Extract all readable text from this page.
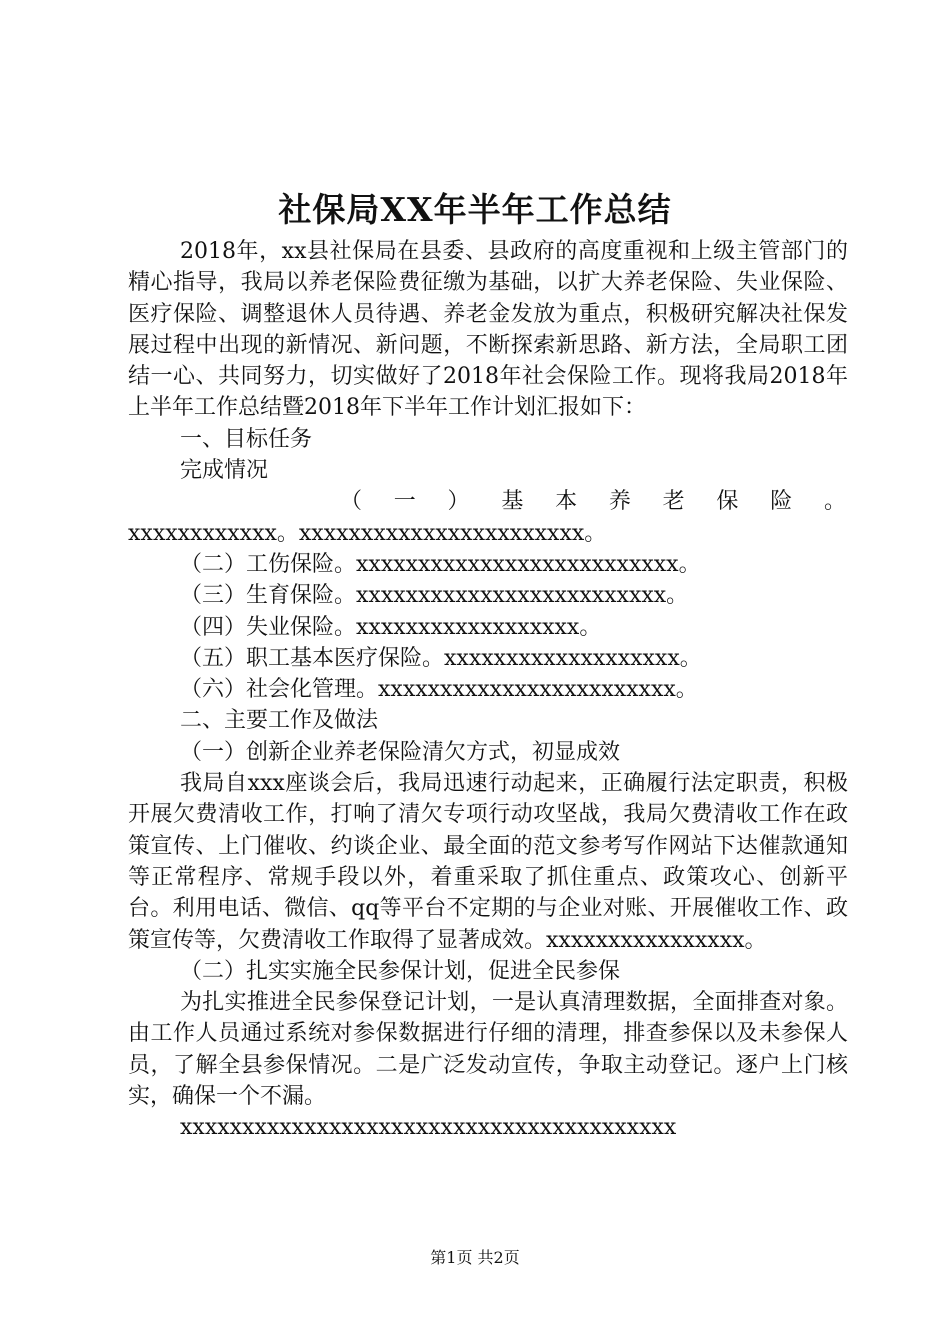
社保局XX年半年工作总结

2018年，xx县社保局在县委、县政府的高度重视和上级主管部门的精心指导，我局以养老保险费征缴为基础，以扩大养老保险、失业保险、医疗保险、调整退休人员待遇、养老金发放为重点，积极研究解决社保发展过程中出现的新情况、新问题，不断探索新思路、新方法，全局职工团结一心、共同努力，切实做好了2018年社会保险工作。现将我局2018年上半年工作总结暨2018年下半年工作计划汇报如下：

一、目标任务

完成情况

（一）基本养老保险。

xxxxxxxxxxxx。xxxxxxxxxxxxxxxxxxxxxxx。

（二）工伤保险。xxxxxxxxxxxxxxxxxxxxxxxxxx。

（三）生育保险。xxxxxxxxxxxxxxxxxxxxxxxxx。

（四）失业保险。xxxxxxxxxxxxxxxxxx。

（五）职工基本医疗保险。xxxxxxxxxxxxxxxxxxx。

（六）社会化管理。xxxxxxxxxxxxxxxxxxxxxxxx。

二、主要工作及做法

（一）创新企业养老保险清欠方式，初显成效

我局自xxx座谈会后，我局迅速行动起来，正确履行法定职责，积极开展欠费清收工作，打响了清欠专项行动攻坚战，我局欠费清收工作在政策宣传、上门催收、约谈企业、最全面的范文参考写作网站下达催款通知等正常程序、常规手段以外，着重采取了抓住重点、政策攻心、创新平台。利用电话、微信、qq等平台不定期的与企业对账、开展催收工作、政策宣传等，欠费清收工作取得了显著成效。xxxxxxxxxxxxxxxx。

（二）扎实实施全民参保计划，促进全民参保

为扎实推进全民参保登记计划，一是认真清理数据，全面排查对象。由工作人员通过系统对参保数据进行仔细的清理，排查参保以及未参保人员，了解全县参保情况。二是广泛发动宣传，争取主动登记。逐户上门核实，确保一个不漏。

xxxxxxxxxxxxxxxxxxxxxxxxxxxxxxxxxxxxxxxx

第1页 共2页
